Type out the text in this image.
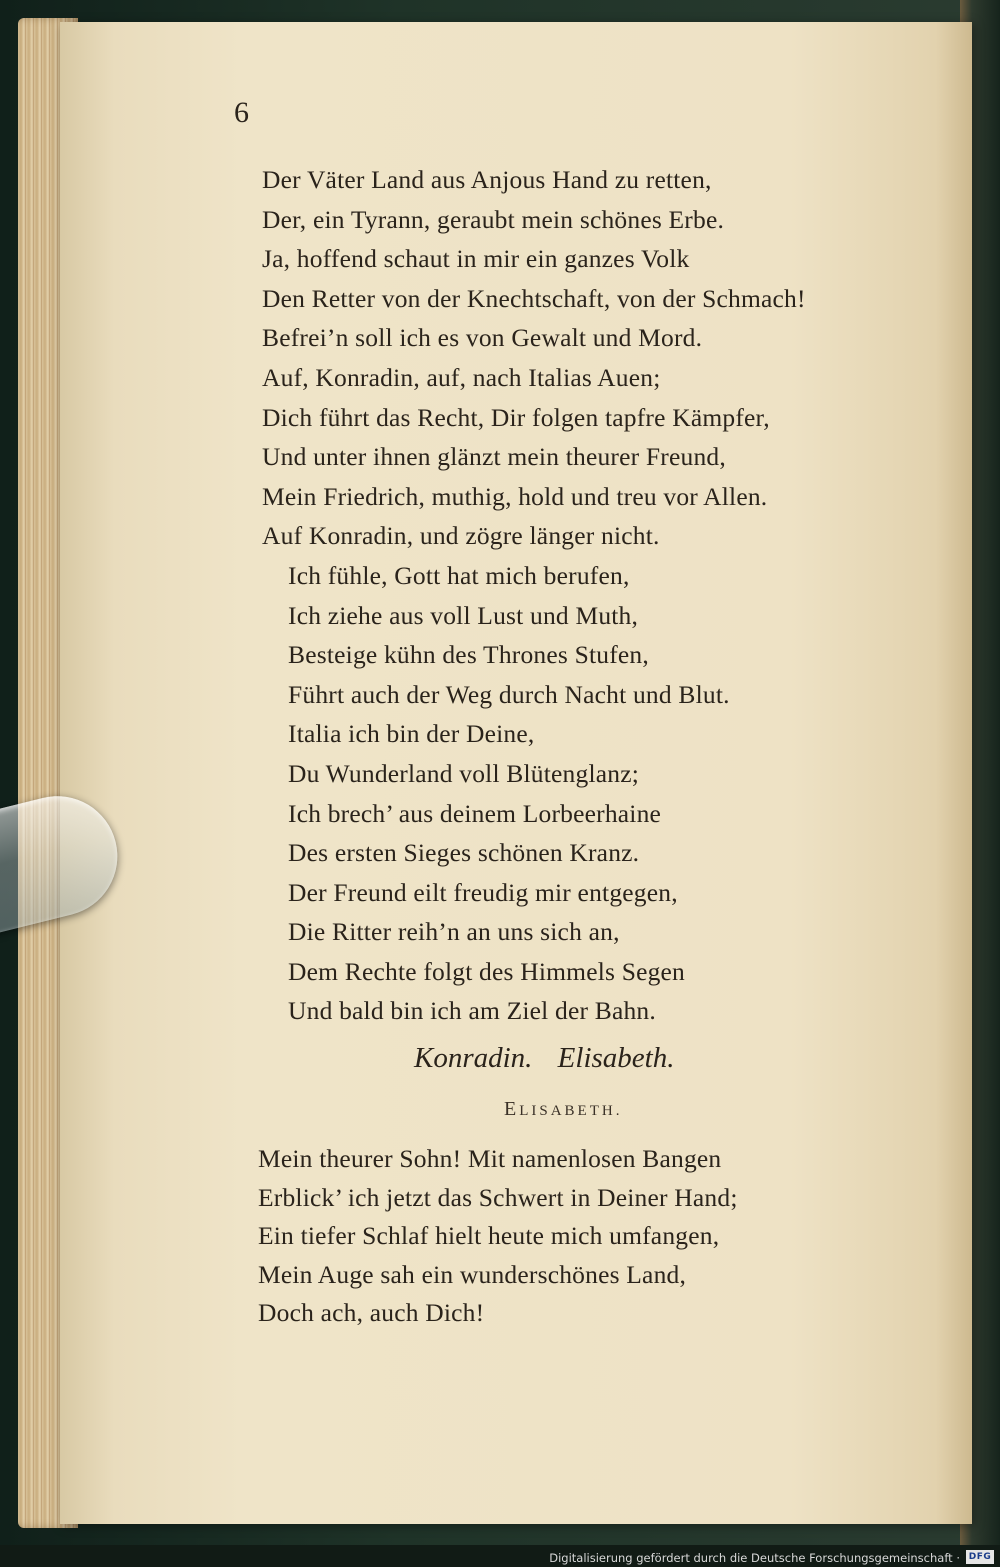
6
Der Väter Land aus Anjous Hand zu retten,
Der, ein Tyrann, geraubt mein schönes Erbe.
Ja, hoffend schaut in mir ein ganzes Volk
Den Retter von der Knechtschaft, von der Schmach!
Befrei’n soll ich es von Gewalt und Mord.
Auf, Konradin, auf, nach Italias Auen;
Dich führt das Recht, Dir folgen tapfre Kämpfer,
Und unter ihnen glänzt mein theurer Freund,
Mein Friedrich, muthig, hold und treu vor Allen.
Auf Konradin, und zögre länger nicht.
Ich fühle, Gott hat mich berufen,
Ich ziehe aus voll Lust und Muth,
Besteige kühn des Thrones Stufen,
Führt auch der Weg durch Nacht und Blut.
Italia ich bin der Deine,
Du Wunderland voll Blütenglanz;
Ich brech’ aus deinem Lorbeerhaine
Des ersten Sieges schönen Kranz.
Der Freund eilt freudig mir entgegen,
Die Ritter reih’n an uns sich an,
Dem Rechte folgt des Himmels Segen
Und bald bin ich am Ziel der Bahn.
Konradin. Elisabeth.
ELISABETH.
Mein theurer Sohn! Mit namenlosen Bangen
Erblick’ ich jetzt das Schwert in Deiner Hand;
Ein tiefer Schlaf hielt heute mich umfangen,
Mein Auge sah ein wunderschönes Land,
Doch ach, auch Dich!
Digitalisierung gefördert durch die Deutsche Forschungsgemeinschaft · DFG
